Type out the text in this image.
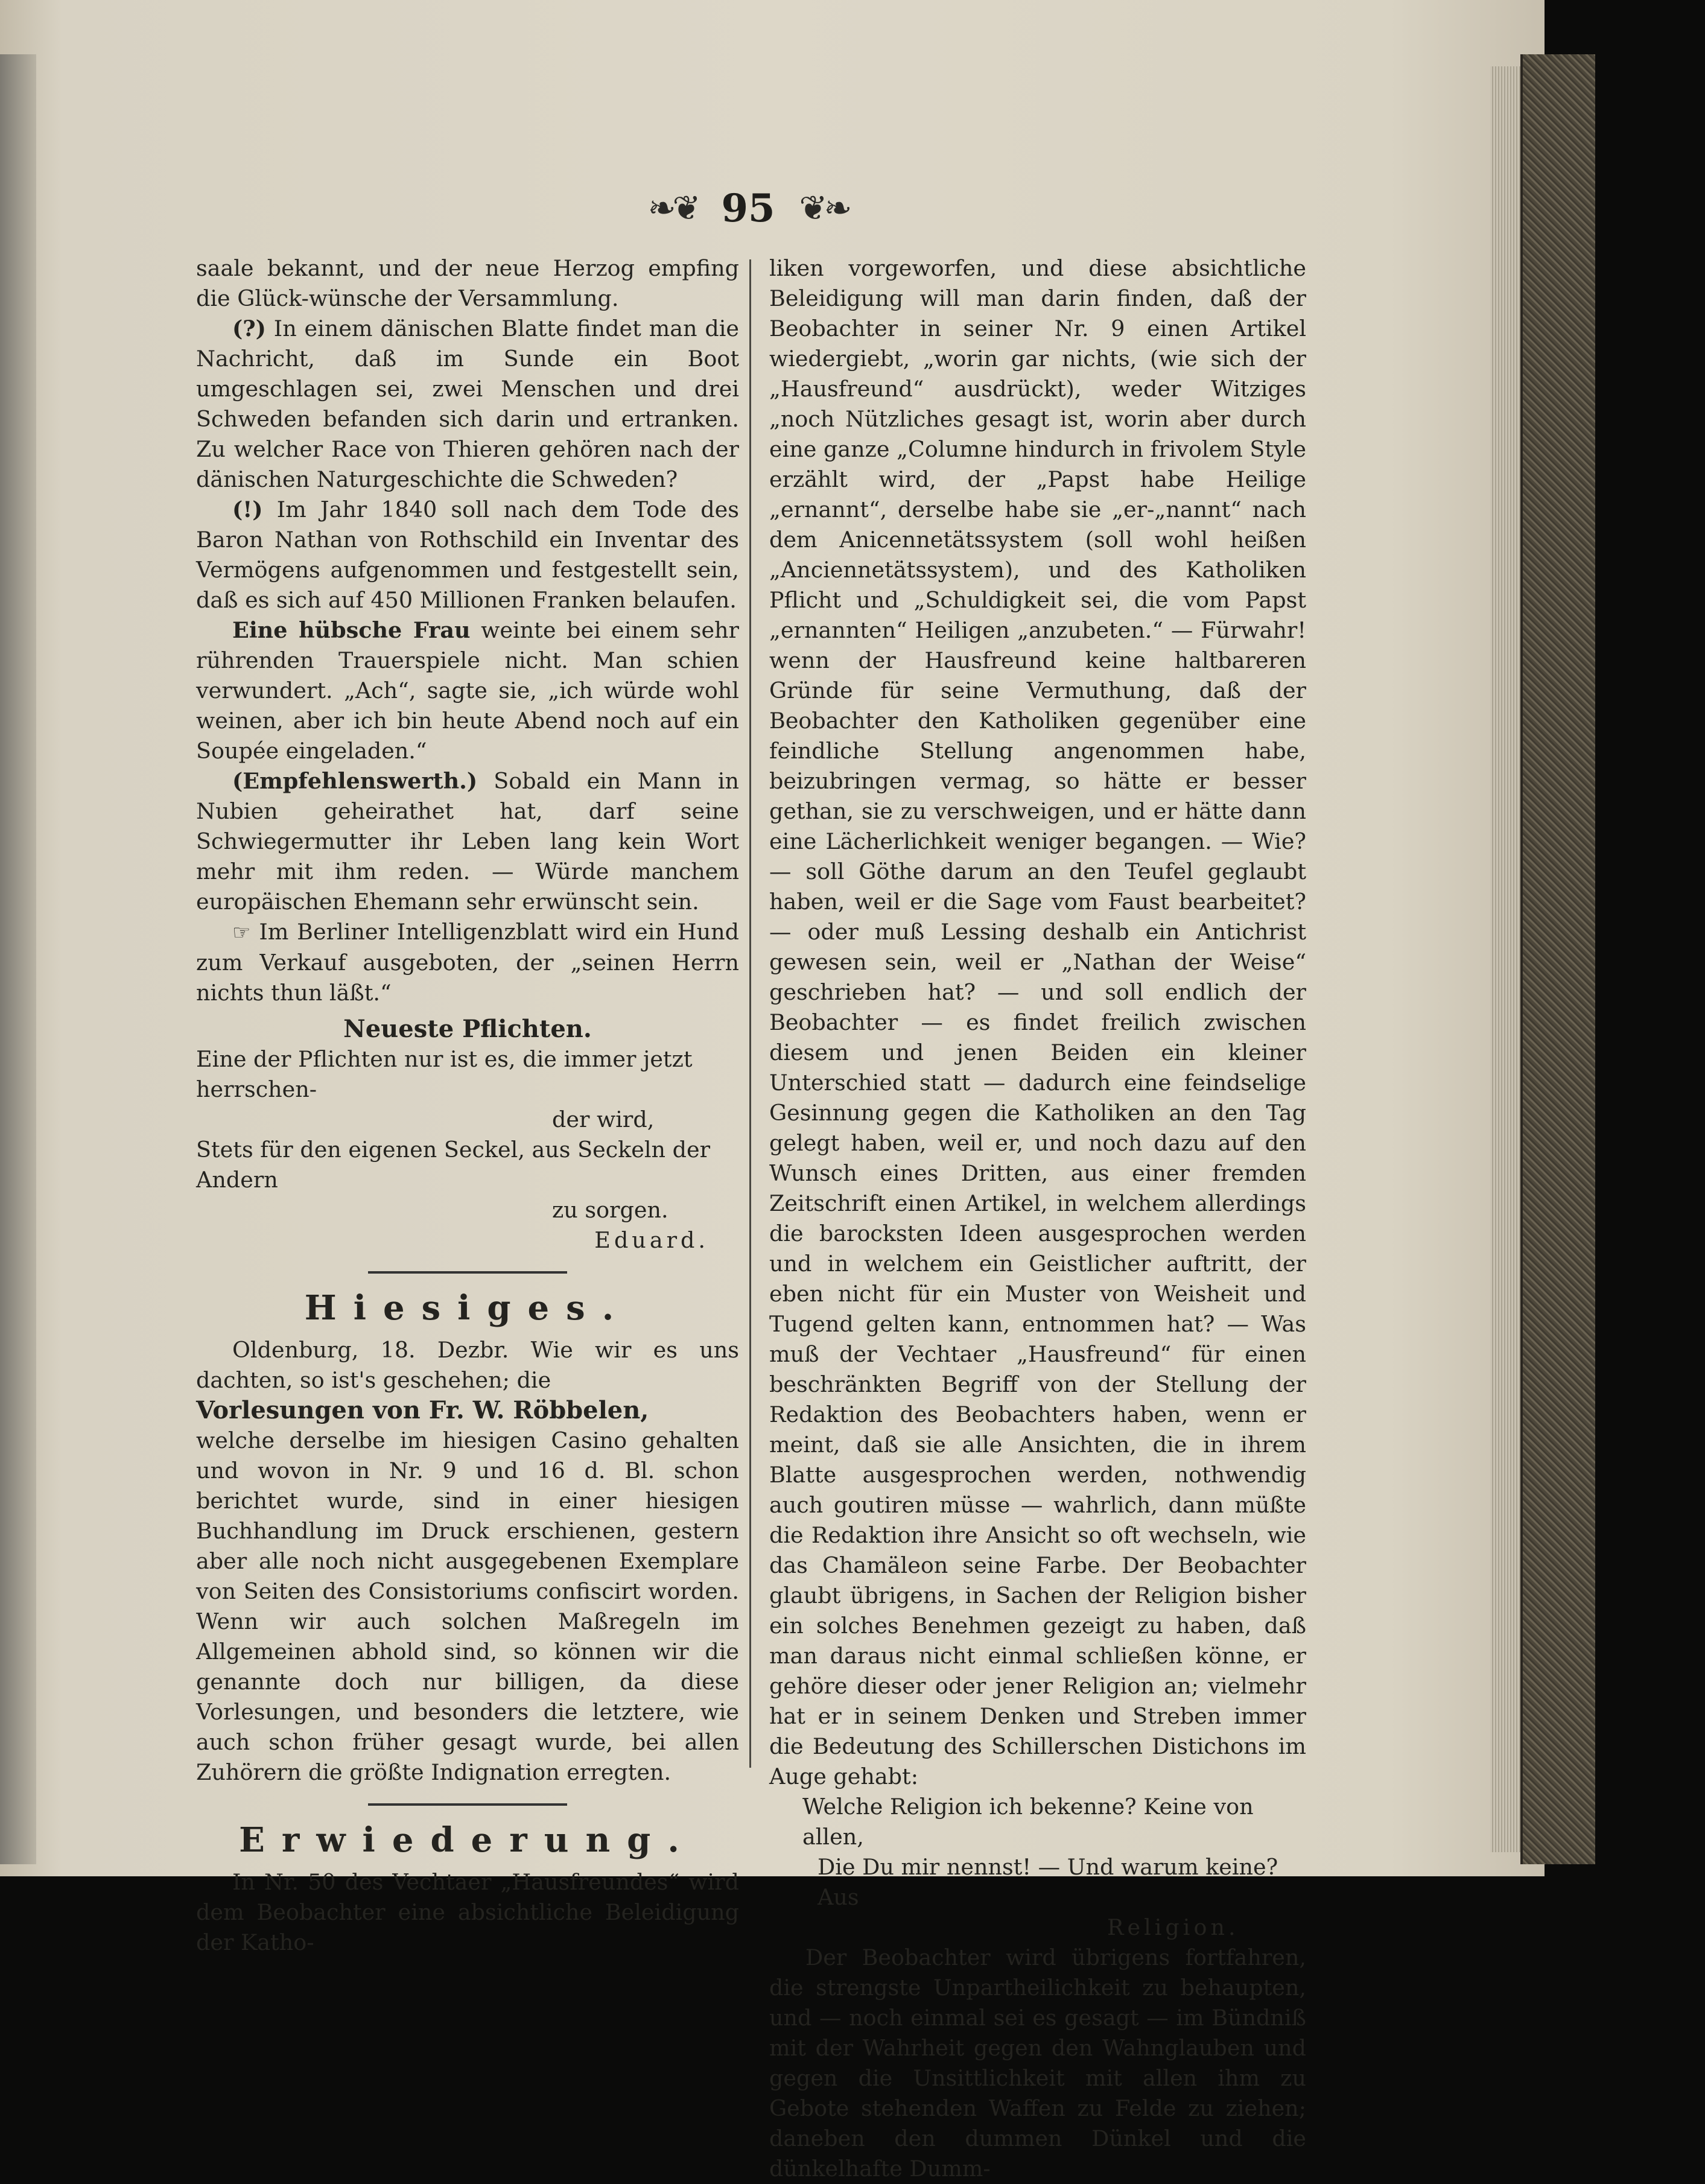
❧❦ 95 ❦❧

saale bekannt, und der neue Herzog empfing die Glück-wünsche der Versammlung.

(?) In einem dänischen Blatte findet man die Nachricht, daß im Sunde ein Boot umgeschlagen sei, zwei Menschen und drei Schweden befanden sich darin und ertranken. Zu welcher Race von Thieren gehören nach der dänischen Naturgeschichte die Schweden?

(!) Im Jahr 1840 soll nach dem Tode des Baron Nathan von Rothschild ein Inventar des Vermögens aufgenommen und festgestellt sein, daß es sich auf 450 Millionen Franken belaufen.

Eine hübsche Frau weinte bei einem sehr rührenden Trauerspiele nicht. Man schien verwundert. „Ach“, sagte sie, „ich würde wohl weinen, aber ich bin heute Abend noch auf ein Soupée eingeladen.“

(Empfehlenswerth.) Sobald ein Mann in Nubien geheirathet hat, darf seine Schwiegermutter ihr Leben lang kein Wort mehr mit ihm reden. — Würde manchem europäischen Ehemann sehr erwünscht sein.

☞ Im Berliner Intelligenzblatt wird ein Hund zum Verkauf ausgeboten, der „seinen Herrn nichts thun läßt.“

Neueste Pflichten.

Eine der Pflichten nur ist es, die immer jetzt herrschen-
der wird,
Stets für den eigenen Seckel, aus Seckeln der Andern
zu sorgen.
Eduard.
Hiesiges.

Oldenburg, 18. Dezbr. Wie wir es uns dachten, so ist's geschehen; die

Vorlesungen von Fr. W. Röbbelen,

welche derselbe im hiesigen Casino gehalten und wovon in Nr. 9 und 16 d. Bl. schon berichtet wurde, sind in einer hiesigen Buchhandlung im Druck erschienen, gestern aber alle noch nicht ausgegebenen Exemplare von Seiten des Consistoriums confiscirt worden. Wenn wir auch solchen Maßregeln im Allgemeinen abhold sind, so können wir die genannte doch nur billigen, da diese Vorlesungen, und besonders die letztere, wie auch schon früher gesagt wurde, bei allen Zuhörern die größte Indignation erregten.

Erwiederung.

In Nr. 50 des Vechtaer „Hausfreundes“ wird dem Beobachter eine absichtliche Beleidigung der Katho-

liken vorgeworfen, und diese absichtliche Beleidigung will man darin finden, daß der Beobachter in seiner Nr. 9 einen Artikel wiedergiebt, „worin gar nichts, (wie sich der „Hausfreund“ ausdrückt), weder Witziges „noch Nützliches gesagt ist, worin aber durch eine ganze „Columne hindurch in frivolem Style erzählt wird, der „Papst habe Heilige „ernannt“, derselbe habe sie „er-„nannt“ nach dem Anicennetätssystem (soll wohl heißen „Anciennetätssystem), und des Katholiken Pflicht und „Schuldigkeit sei, die vom Papst „ernannten“ Heiligen „anzubeten.“ — Fürwahr! wenn der Hausfreund keine haltbareren Gründe für seine Vermuthung, daß der Beobachter den Katholiken gegenüber eine feindliche Stellung angenommen habe, beizubringen vermag, so hätte er besser gethan, sie zu verschweigen, und er hätte dann eine Lächerlichkeit weniger begangen. — Wie? — soll Göthe darum an den Teufel geglaubt haben, weil er die Sage vom Faust bearbeitet? — oder muß Lessing deshalb ein Antichrist gewesen sein, weil er „Nathan der Weise“ geschrieben hat? — und soll endlich der Beobachter — es findet freilich zwischen diesem und jenen Beiden ein kleiner Unterschied statt — dadurch eine feindselige Gesinnung gegen die Katholiken an den Tag gelegt haben, weil er, und noch dazu auf den Wunsch eines Dritten, aus einer fremden Zeitschrift einen Artikel, in welchem allerdings die barocksten Ideen ausgesprochen werden und in welchem ein Geistlicher auftritt, der eben nicht für ein Muster von Weisheit und Tugend gelten kann, entnommen hat? — Was muß der Vechtaer „Hausfreund“ für einen beschränkten Begriff von der Stellung der Redaktion des Beobachters haben, wenn er meint, daß sie alle Ansichten, die in ihrem Blatte ausgesprochen werden, nothwendig auch goutiren müsse — wahrlich, dann müßte die Redaktion ihre Ansicht so oft wechseln, wie das Chamäleon seine Farbe. Der Beobachter glaubt übrigens, in Sachen der Religion bisher ein solches Benehmen gezeigt zu haben, daß man daraus nicht einmal schließen könne, er gehöre dieser oder jener Religion an; vielmehr hat er in seinem Denken und Streben immer die Bedeutung des Schillerschen Distichons im Auge gehabt:

Welche Religion ich bekenne? Keine von allen,
Die Du mir nennst! — Und warum keine? Aus
Religion.

Der Beobachter wird übrigens fortfahren, die strengste Unpartheilichkeit zu behaupten, und — noch einmal sei es gesagt — im Bündniß mit der Wahrheit gegen den Wahnglauben und gegen die Unsittlichkeit mit allen ihm zu Gebote stehenden Waffen zu Felde zu ziehen; daneben den dummen Dünkel und die dünkelhafte Dumm-
